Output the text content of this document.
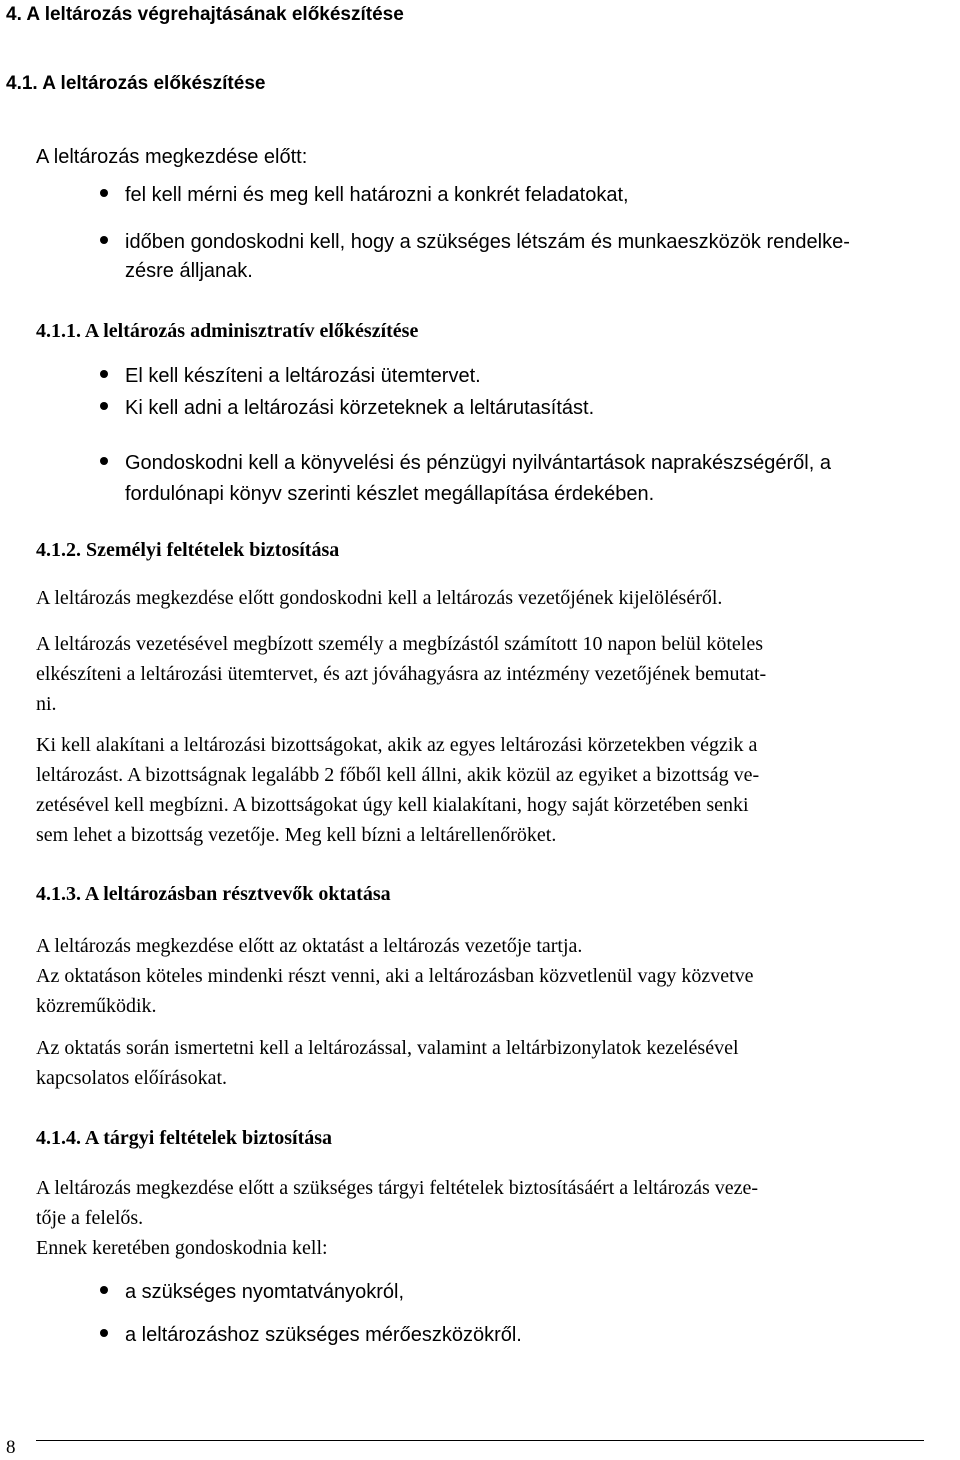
4. A leltározás végrehajtásának előkészítése
4.1. A leltározás előkészítése
A leltározás megkezdése előtt:
fel kell mérni és meg kell határozni a konkrét feladatokat,
időben gondoskodni kell, hogy a szükséges létszám és munkaeszközök rendelke-
zésre álljanak.
4.1.1. A leltározás adminisztratív előkészítése
El kell készíteni a leltározási ütemtervet.
Ki kell adni a leltározási körzeteknek a leltárutasítást.
Gondoskodni kell a könyvelési és pénzügyi nyilvántartások naprakészségéről, a
fordulónapi könyv szerinti készlet megállapítása érdekében.
4.1.2. Személyi feltételek biztosítása
A leltározás megkezdése előtt gondoskodni kell a leltározás vezetőjének kijelöléséről.
A leltározás vezetésével megbízott személy a megbízástól számított 10 napon belül köteles
elkészíteni a leltározási ütemtervet, és azt jóváhagyásra az intézmény vezetőjének bemutat-
ni.
Ki kell alakítani a leltározási bizottságokat, akik az egyes leltározási körzetekben végzik a
leltározást. A bizottságnak legalább 2 főből kell állni, akik közül az egyiket a bizottság ve-
zetésével kell megbízni. A bizottságokat úgy kell kialakítani, hogy saját körzetében senki
sem lehet a bizottság vezetője. Meg kell bízni a leltárellenőröket.
4.1.3. A leltározásban résztvevők oktatása
A leltározás megkezdése előtt az oktatást a leltározás vezetője tartja.
Az oktatáson köteles mindenki részt venni, aki a leltározásban közvetlenül vagy közvetve
közreműködik.
Az oktatás során ismertetni kell a leltározással, valamint a leltárbizonylatok kezelésével
kapcsolatos előírásokat.
4.1.4. A tárgyi feltételek biztosítása
A leltározás megkezdése előtt a szükséges tárgyi feltételek biztosításáért a leltározás veze-
tője a felelős.
Ennek keretében gondoskodnia kell:
a szükséges nyomtatványokról,
a leltározáshoz szükséges mérőeszközökről.
8
